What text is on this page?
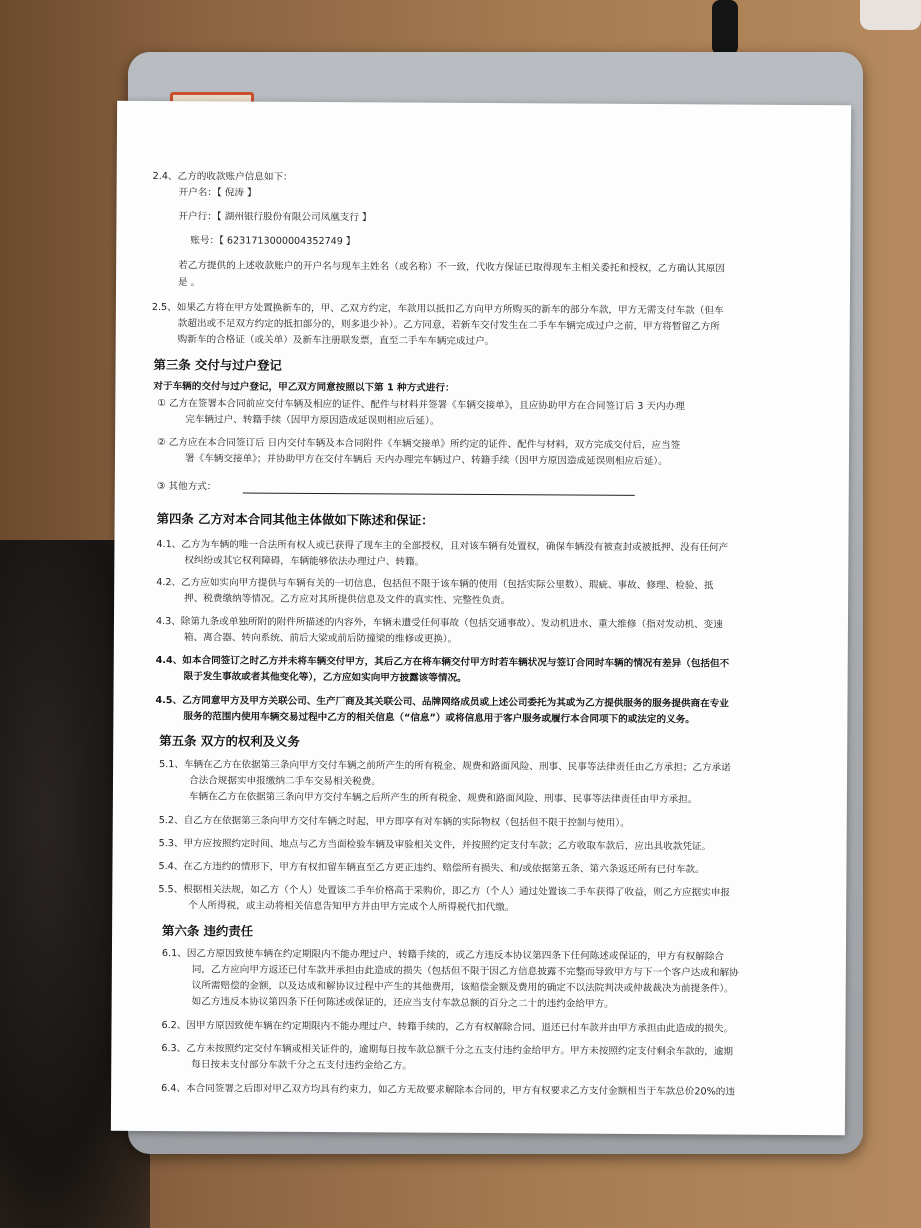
2.4、乙方的收款账户信息如下：
开户名：【 倪涛 】
开户行：【 湖州银行股份有限公司凤凰支行 】
账号：【 6231713000004352749 】
若乙方提供的上述收款账户的开户名与现车主姓名（或名称）不一致，代收方保证已取得现车主相关委托和授权，乙方确认其原因
是 。
2.5、如果乙方将在甲方处置换新车的，甲、乙双方约定，车款用以抵扣乙方向甲方所购买的新车的部分车款，甲方无需支付车款（但车
款超出或不足双方约定的抵扣部分的，则多退少补）。乙方同意，若新车交付发生在二手车车辆完成过户之前，甲方将暂留乙方所
购新车的合格证（或关单）及新车注册联发票，直至二手车车辆完成过户。
第三条 交付与过户登记
对于车辆的交付与过户登记，甲乙双方同意按照以下第 1 种方式进行：
① 乙方在签署本合同前应交付车辆及相应的证件、配件与材料并签署《车辆交接单》，且应协助甲方在合同签订后 3 天内办理
完车辆过户、转籍手续（因甲方原因造成延误则相应后延）。
② 乙方应在本合同签订后 日内交付车辆及本合同附件《车辆交接单》所约定的证件、配件与材料，双方完成交付后，应当签
署《车辆交接单》；并协助甲方在交付车辆后 天内办理完车辆过户、转籍手续（因甲方原因造成延误则相应后延）。
③ 其他方式：
第四条 乙方对本合同其他主体做如下陈述和保证：
4.1、乙方为车辆的唯一合法所有权人或已获得了现车主的全部授权，且对该车辆有处置权，确保车辆没有被查封或被抵押、没有任何产
权纠纷或其它权利障碍，车辆能够依法办理过户、转籍。
4.2、乙方应如实向甲方提供与车辆有关的一切信息，包括但不限于该车辆的使用（包括实际公里数）、瑕疵、事故、修理、检验、抵
押、税费缴纳等情况。乙方应对其所提供信息及文件的真实性、完整性负责。
4.3、除第九条或单独所附的附件所描述的内容外，车辆未遭受任何事故（包括交通事故）、发动机进水、重大维修（指对发动机、变速
箱、离合器、转向系统、前后大梁或前后防撞梁的维修或更换）。
4.4、如本合同签订之时乙方并未将车辆交付甲方，其后乙方在将车辆交付甲方时若车辆状况与签订合同时车辆的情况有差异（包括但不
限于发生事故或者其他变化等），乙方应如实向甲方披露该等情况。
4.5、乙方同意甲方及甲方关联公司、生产厂商及其关联公司、品牌网络成员或上述公司委托为其或为乙方提供服务的服务提供商在专业
服务的范围内使用车辆交易过程中乙方的相关信息（“信息”）或将信息用于客户服务或履行本合同项下的或法定的义务。
第五条 双方的权利及义务
5.1、车辆在乙方在依据第三条向甲方交付车辆之前所产生的所有税金、规费和路面风险、刑事、民事等法律责任由乙方承担；乙方承诺
合法合规据实申报缴纳二手车交易相关税费。
车辆在乙方在依据第三条向甲方交付车辆之后所产生的所有税金、规费和路面风险、刑事、民事等法律责任由甲方承担。
5.2、自乙方在依据第三条向甲方交付车辆之时起，甲方即享有对车辆的实际物权（包括但不限于控制与使用）。
5.3、甲方应按照约定时间、地点与乙方当面检验车辆及审验相关文件，并按照约定支付车款；乙方收取车款后，应出具收款凭证。
5.4、在乙方违约的情形下，甲方有权扣留车辆直至乙方更正违约、赔偿所有损失、和/或依据第五条、第六条返还所有已付车款。
5.5、根据相关法规，如乙方（个人）处置该二手车价格高于采购价，即乙方（个人）通过处置该二手车获得了收益，则乙方应据实申报
个人所得税，或主动将相关信息告知甲方并由甲方完成个人所得税代扣代缴。
第六条 违约责任
6.1、因乙方原因致使车辆在约定期限内不能办理过户、转籍手续的，或乙方违反本协议第四条下任何陈述或保证的，甲方有权解除合
同，乙方应向甲方返还已付车款并承担由此造成的损失（包括但不限于因乙方信息披露不完整而导致甲方与下一个客户达成和解协
议所需赔偿的金额，以及达成和解协议过程中产生的其他费用，该赔偿金额及费用的确定不以法院判决或仲裁裁决为前提条件）。
如乙方违反本协议第四条下任何陈述或保证的，还应当支付车款总额的百分之二十的违约金给甲方。
6.2、因甲方原因致使车辆在约定期限内不能办理过户、转籍手续的，乙方有权解除合同、退还已付车款并由甲方承担由此造成的损失。
6.3、乙方未按照约定交付车辆或相关证件的，逾期每日按车款总额千分之五支付违约金给甲方。甲方未按照约定支付剩余车款的，逾期
每日按未支付部分车款千分之五支付违约金给乙方。
6.4、本合同签署之后即对甲乙双方均具有约束力，如乙方无故要求解除本合同的，甲方有权要求乙方支付金额相当于车款总价20%的违
